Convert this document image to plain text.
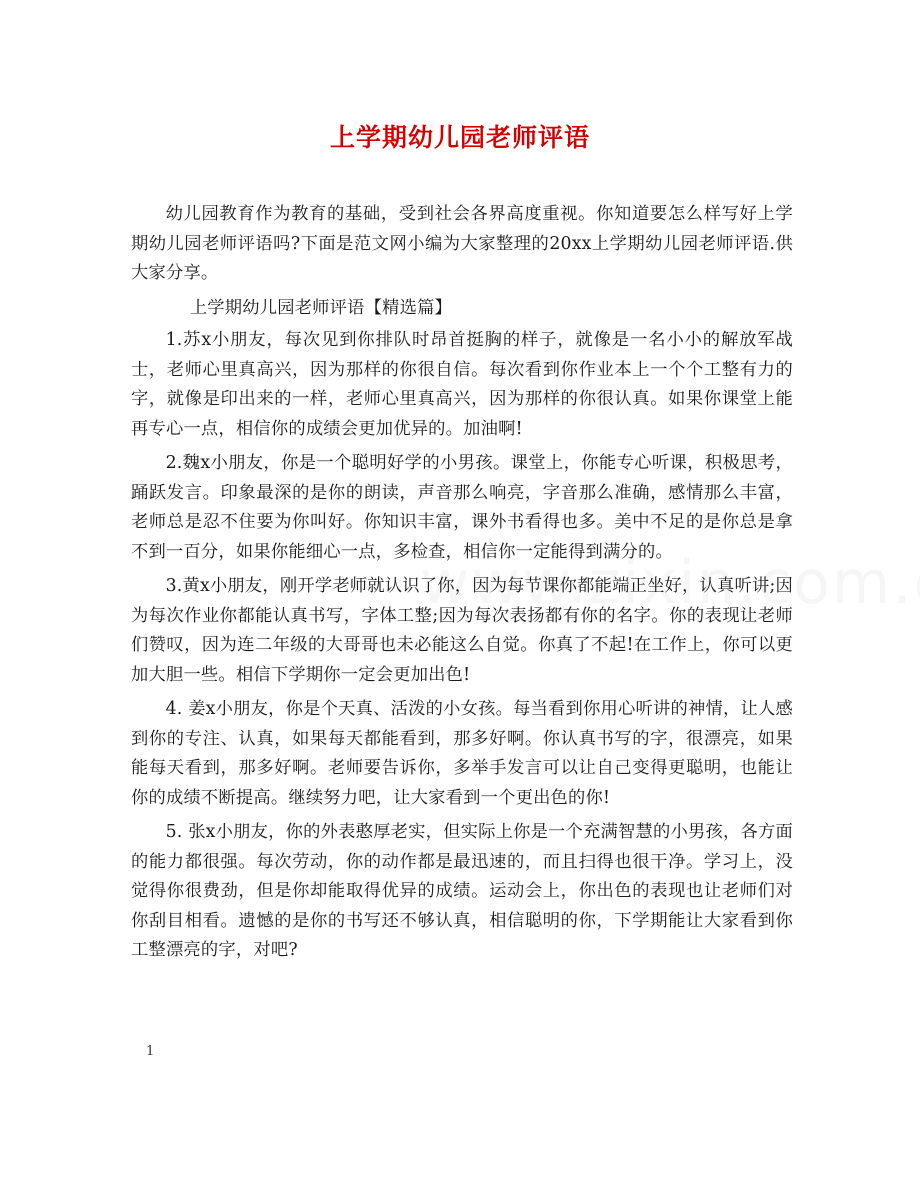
上学期幼儿园老师评语

幼儿园教育作为教育的基础，受到社会各界高度重视。你知道要怎么样写好上学期幼儿园老师评语吗?下面是范文网小编为大家整理的20xx上学期幼儿园老师评语.供大家分享。

上学期幼儿园老师评语【精选篇】

1.苏x小朋友，每次见到你排队时昂首挺胸的样子，就像是一名小小的解放军战士，老师心里真高兴，因为那样的你很自信。每次看到你作业本上一个个工整有力的字，就像是印出来的一样，老师心里真高兴，因为那样的你很认真。如果你课堂上能再专心一点，相信你的成绩会更加优异的。加油啊!

2.魏x小朋友，你是一个聪明好学的小男孩。课堂上，你能专心听课，积极思考，踊跃发言。印象最深的是你的朗读，声音那么响亮，字音那么准确，感情那么丰富，老师总是忍不住要为你叫好。你知识丰富，课外书看得也多。美中不足的是你总是拿不到一百分，如果你能细心一点，多检查，相信你一定能得到满分的。

3.黄x小朋友，刚开学老师就认识了你，因为每节课你都能端正坐好，认真听讲;因为每次作业你都能认真书写，字体工整;因为每次表扬都有你的名字。你的表现让老师们赞叹，因为连二年级的大哥哥也未必能这么自觉。你真了不起!在工作上，你可以更加大胆一些。相信下学期你一定会更加出色!

4. 姜x小朋友，你是个天真、活泼的小女孩。每当看到你用心听讲的神情，让人感到你的专注、认真，如果每天都能看到，那多好啊。你认真书写的字，很漂亮，如果能每天看到，那多好啊。老师要告诉你，多举手发言可以让自己变得更聪明，也能让你的成绩不断提高。继续努力吧，让大家看到一个更出色的你!

5. 张x小朋友，你的外表憨厚老实，但实际上你是一个充满智慧的小男孩，各方面的能力都很强。每次劳动，你的动作都是最迅速的，而且扫得也很干净。学习上，没觉得你很费劲，但是你却能取得优异的成绩。运动会上，你出色的表现也让老师们对你刮目相看。遗憾的是你的书写还不够认真，相信聪明的你，下学期能让大家看到你工整漂亮的字，对吧?

1
